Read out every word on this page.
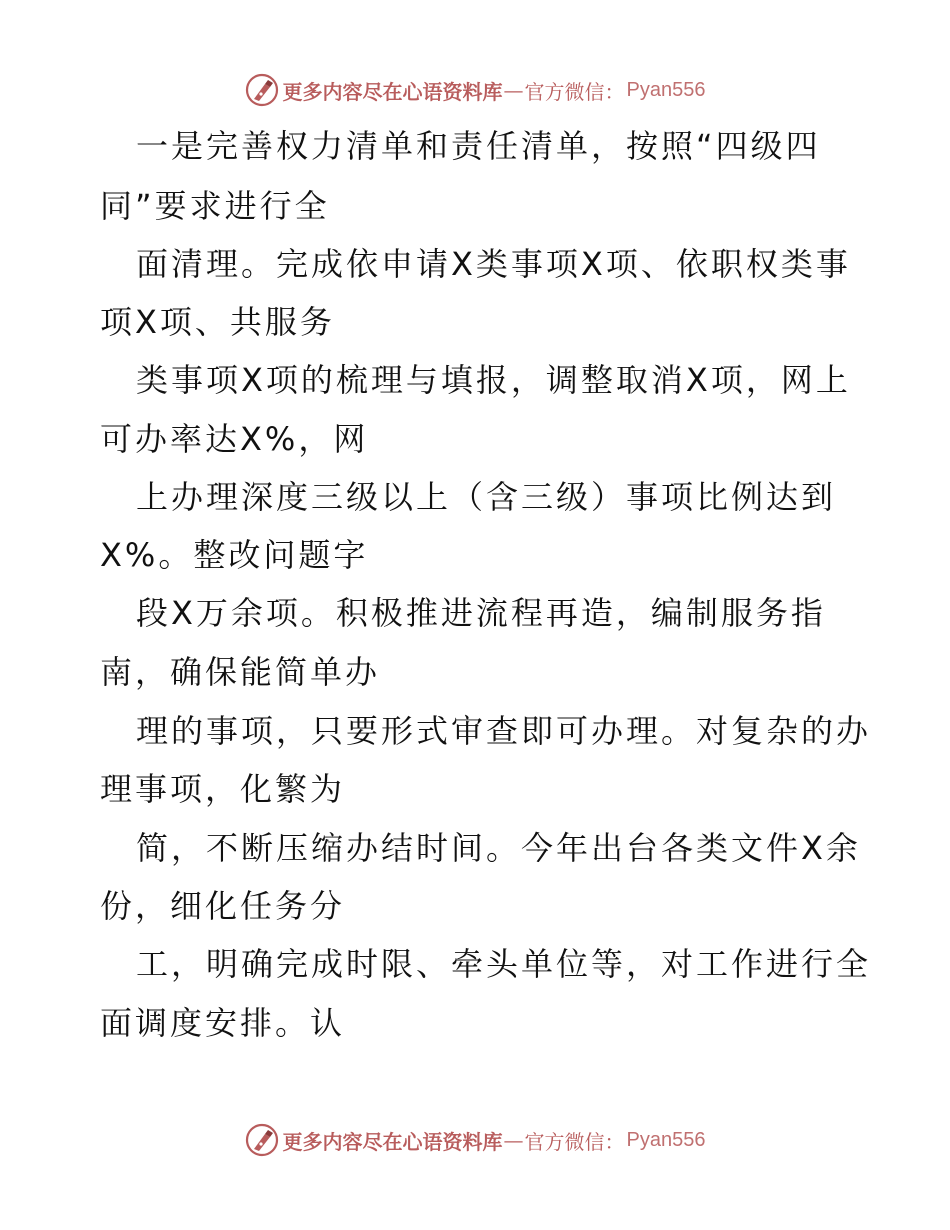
更多内容尽在心语资料库 — 官方微信： Pyan556
一是完善权力清单和责任清单，按照“四级四
同”要求进行全
面清理。完成依申请X类事项X项、依职权类事
项X项、共服务
类事项X项的梳理与填报，调整取消X项，网上
可办率达X%，网
上办理深度三级以上（含三级）事项比例达到
X%。整改问题字
段X万余项。积极推进流程再造，编制服务指
南，确保能简单办
理的事项，只要形式审查即可办理。对复杂的办
理事项，化繁为
简，不断压缩办结时间。今年出台各类文件X余
份，细化任务分
工，明确完成时限、牵头单位等，对工作进行全
面调度安排。认
更多内容尽在心语资料库 — 官方微信： Pyan556
